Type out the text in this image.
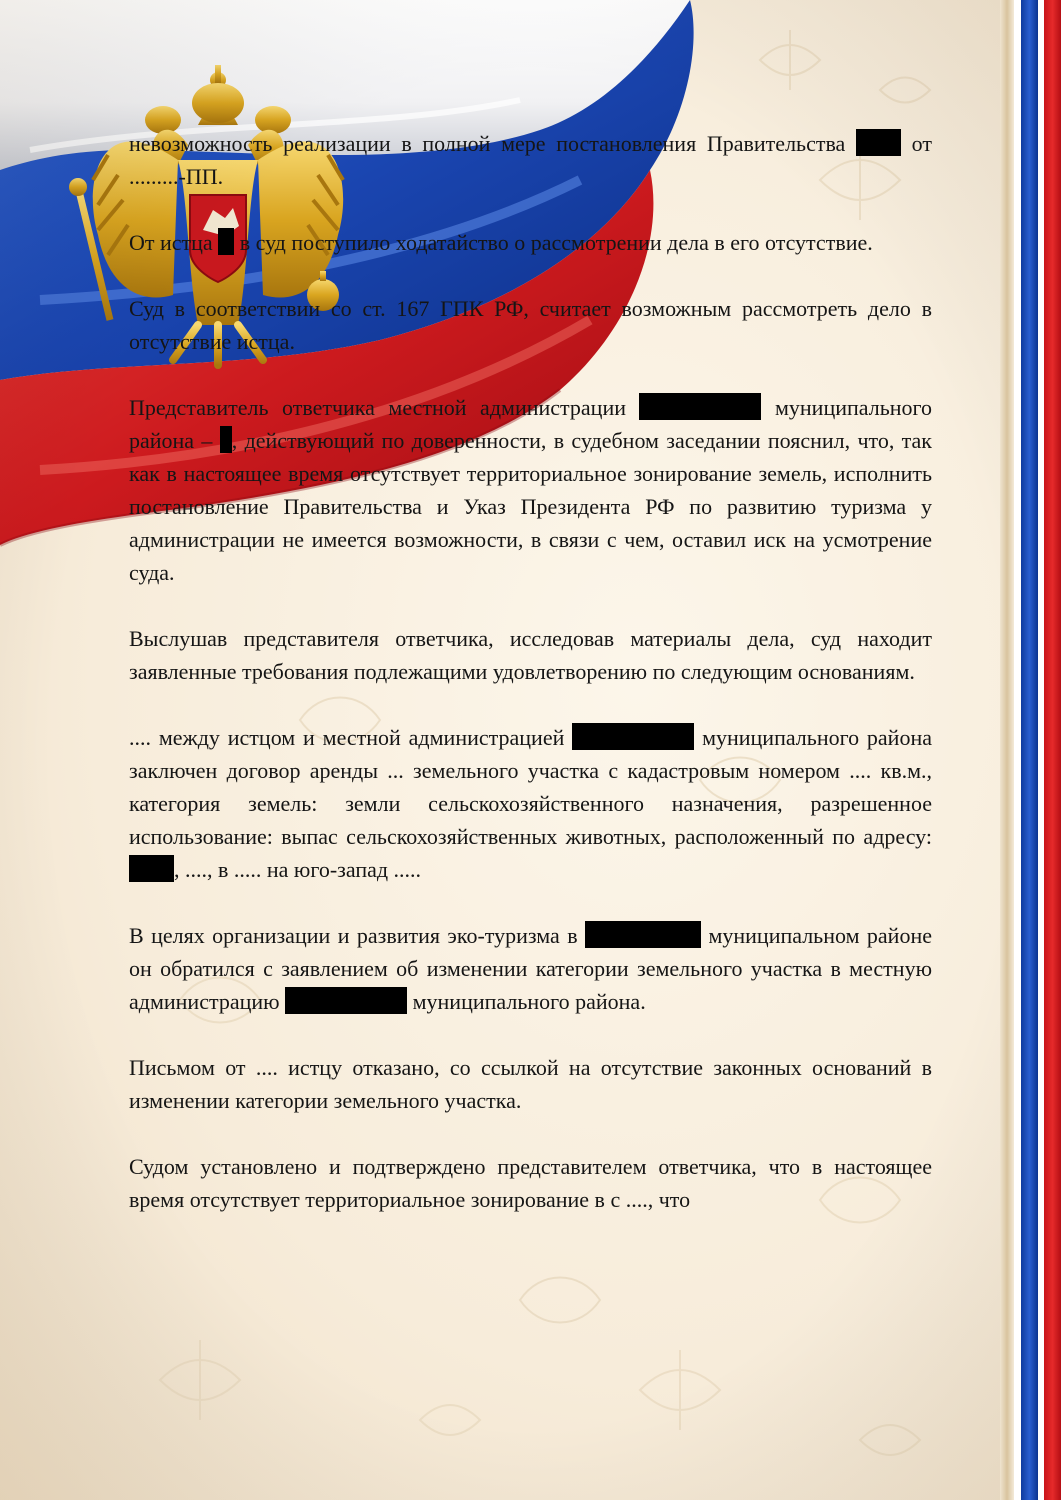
невозможность реализации в полной мере постановления Правительства  от .........-ПП.

От истца  в суд поступило ходатайство о рассмотрении дела в его отсутствие.

Суд в соответствии со ст. 167 ГПК РФ, считает возможным рассмотреть дело в отсутствие истца.

Представитель ответчика местной администрации	муниципального района – , действующий по доверенности, в судебном заседании пояснил, что, так как в настоящее время отсутствует территориальное зонирование земель, исполнить постановление Правительства и Указ Президента РФ по развитию туризма у администрации не имеется возможности, в связи с чем, оставил иск на усмотрение суда.

Выслушав представителя ответчика, исследовав материалы дела, суд находит заявленные требования подлежащими удовлетворению по следующим основаниям.

.... между истцом и местной администрацией	муниципального района заключен договор аренды ... земельного участка с кадастровым номером .... кв.м., категория земель: земли сельскохозяйственного назначения, разрешенное использование: выпас сельскохозяйственных животных, расположенный по адресу: , ...., в ..... на юго-запад .....

В целях организации и развития эко-туризма в	муниципальном районе он обратился с заявлением об изменении категории земельного участка в местную администрацию	муниципального района.

Письмом от .... истцу отказано, со ссылкой на отсутствие законных оснований в изменении категории земельного участка.

Судом установлено и подтверждено представителем ответчика, что в настоящее время отсутствует территориальное зонирование в с ...., что
